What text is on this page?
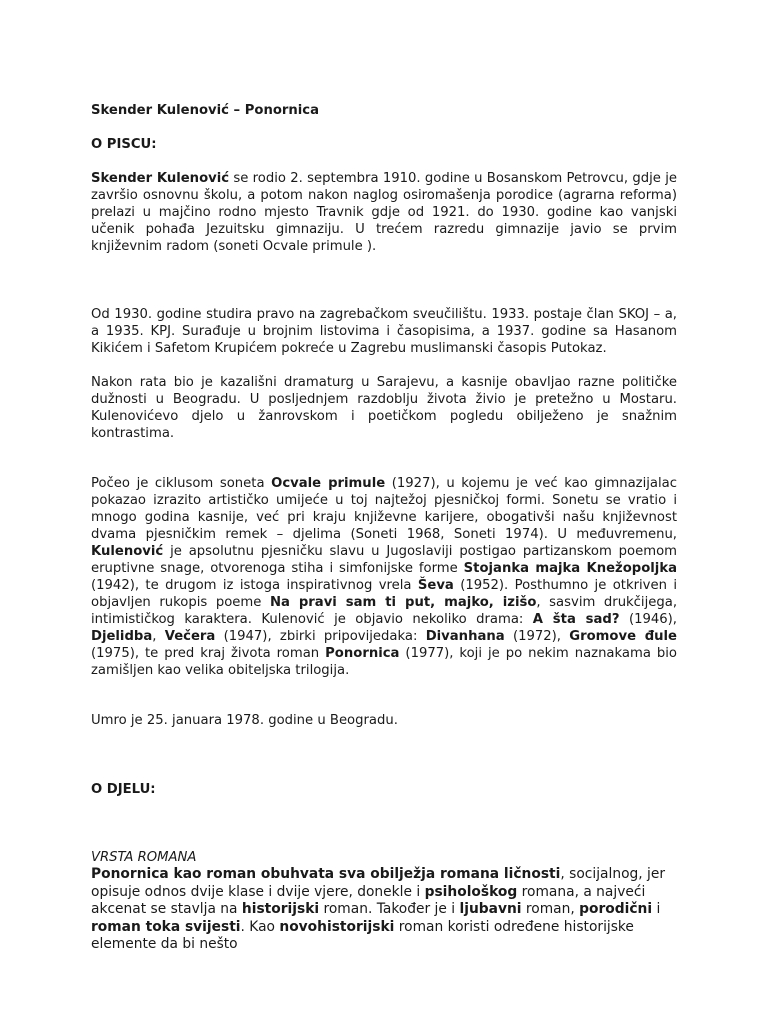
Skender Kulenović – Ponornica

O PISCU:

Skender Kulenović se rodio 2. septembra 1910. godine u Bosanskom Petrovcu, gdje je završio osnovnu školu, a potom nakon naglog osiromašenja porodice (agrarna reforma) prelazi u majčino rodno mjesto Travnik gdje od 1921. do 1930. godine kao vanjski učenik pohađa Jezuitsku gimnaziju. U trećem razredu gimnazije javio se prvim književnim radom (soneti Ocvale primule ).

Od 1930. godine studira pravo na zagrebačkom sveučilištu. 1933. postaje član SKOJ – a, a 1935. KPJ. Surađuje u brojnim listovima i časopisima, a 1937. godine sa Hasanom Kikićem i Safetom Krupićem pokreće u Zagrebu muslimanski časopis Putokaz.

Nakon rata bio je kazališni dramaturg u Sarajevu, a kasnije obavljao razne političke dužnosti u Beogradu. U posljednjem razdoblju života živio je pretežno u Mostaru. Kulenovićevo djelo u žanrovskom i poetičkom pogledu obilježeno je snažnim kontrastima.

Počeo je ciklusom soneta Ocvale primule (1927), u kojemu je već kao gimnazijalac pokazao izrazito artističko umijeće u toj najtežoj pjesničkoj formi. Sonetu se vratio i mnogo godina kasnije, već pri kraju književne karijere, obogativši našu književnost dvama pjesničkim remek – djelima (Soneti 1968, Soneti 1974). U međuvremenu, Kulenović je apsolutnu pjesničku slavu u Jugoslaviji postigao partizanskom poemom eruptivne snage, otvorenoga stiha i simfonijske forme Stojanka majka Knežopoljka (1942), te drugom iz istoga inspirativnog vrela Ševa (1952). Posthumno je otkriven i objavljen rukopis poeme Na pravi sam ti put, majko, izišo, sasvim drukčijega, intimističkog karaktera. Kulenović je objavio nekoliko drama: A šta sad? (1946), Djelidba, Večera (1947), zbirki pripovijedaka: Divanhana (1972), Gromove đule (1975), te pred kraj života roman Ponornica (1977), koji je po nekim naznakama bio zamišljen kao velika obiteljska trilogija.

Umro je 25. januara 1978. godine u Beogradu.

O DJELU:

VRSTA ROMANA

Ponornica kao roman obuhvata sva obilježja romana ličnosti, socijalnog, jer opisuje odnos dvije klase i dvije vjere, donekle i psihološkog romana, a najveći akcenat se stavlja na historijski roman. Također je i ljubavni roman, porodični i roman toka svijesti. Kao novohistorijski roman koristi određene historijske elemente da bi nešto
